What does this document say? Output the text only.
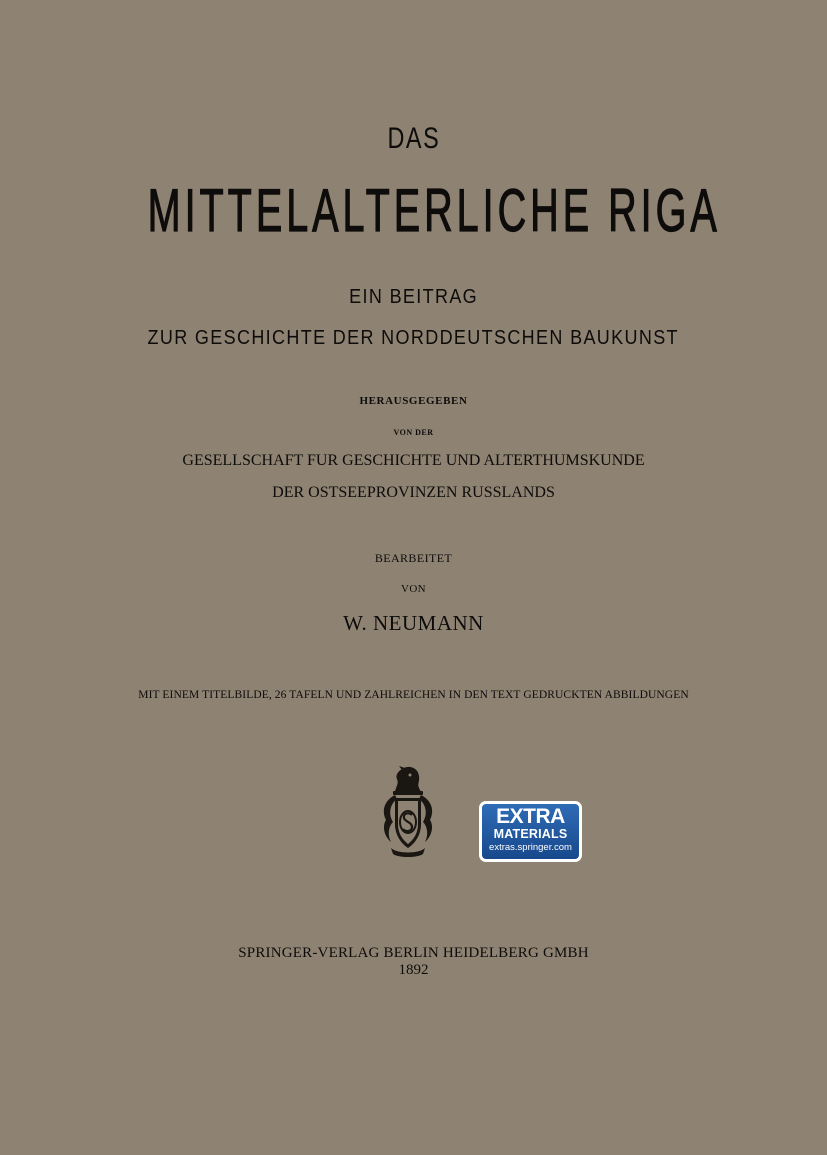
DAS
MITTELALTERLICHE RIGA
EIN BEITRAG
ZUR GESCHICHTE DER NORDDEUTSCHEN BAUKUNST
HERAUSGEGEBEN
VON DER
GESELLSCHAFT FUR GESCHICHTE UND ALTERTHUMSKUNDE
DER OSTSEEPROVINZEN RUSSLANDS
BEARBEITET
VON
W. NEUMANN
MIT EINEM TITELBILDE, 26 TAFELN UND ZAHLREICHEN IN DEN TEXT GEDRUCKTEN ABBILDUNGEN
EXTRA
MATERIALS
extras.springer.com
SPRINGER-VERLAG BERLIN HEIDELBERG GMBH
1892
